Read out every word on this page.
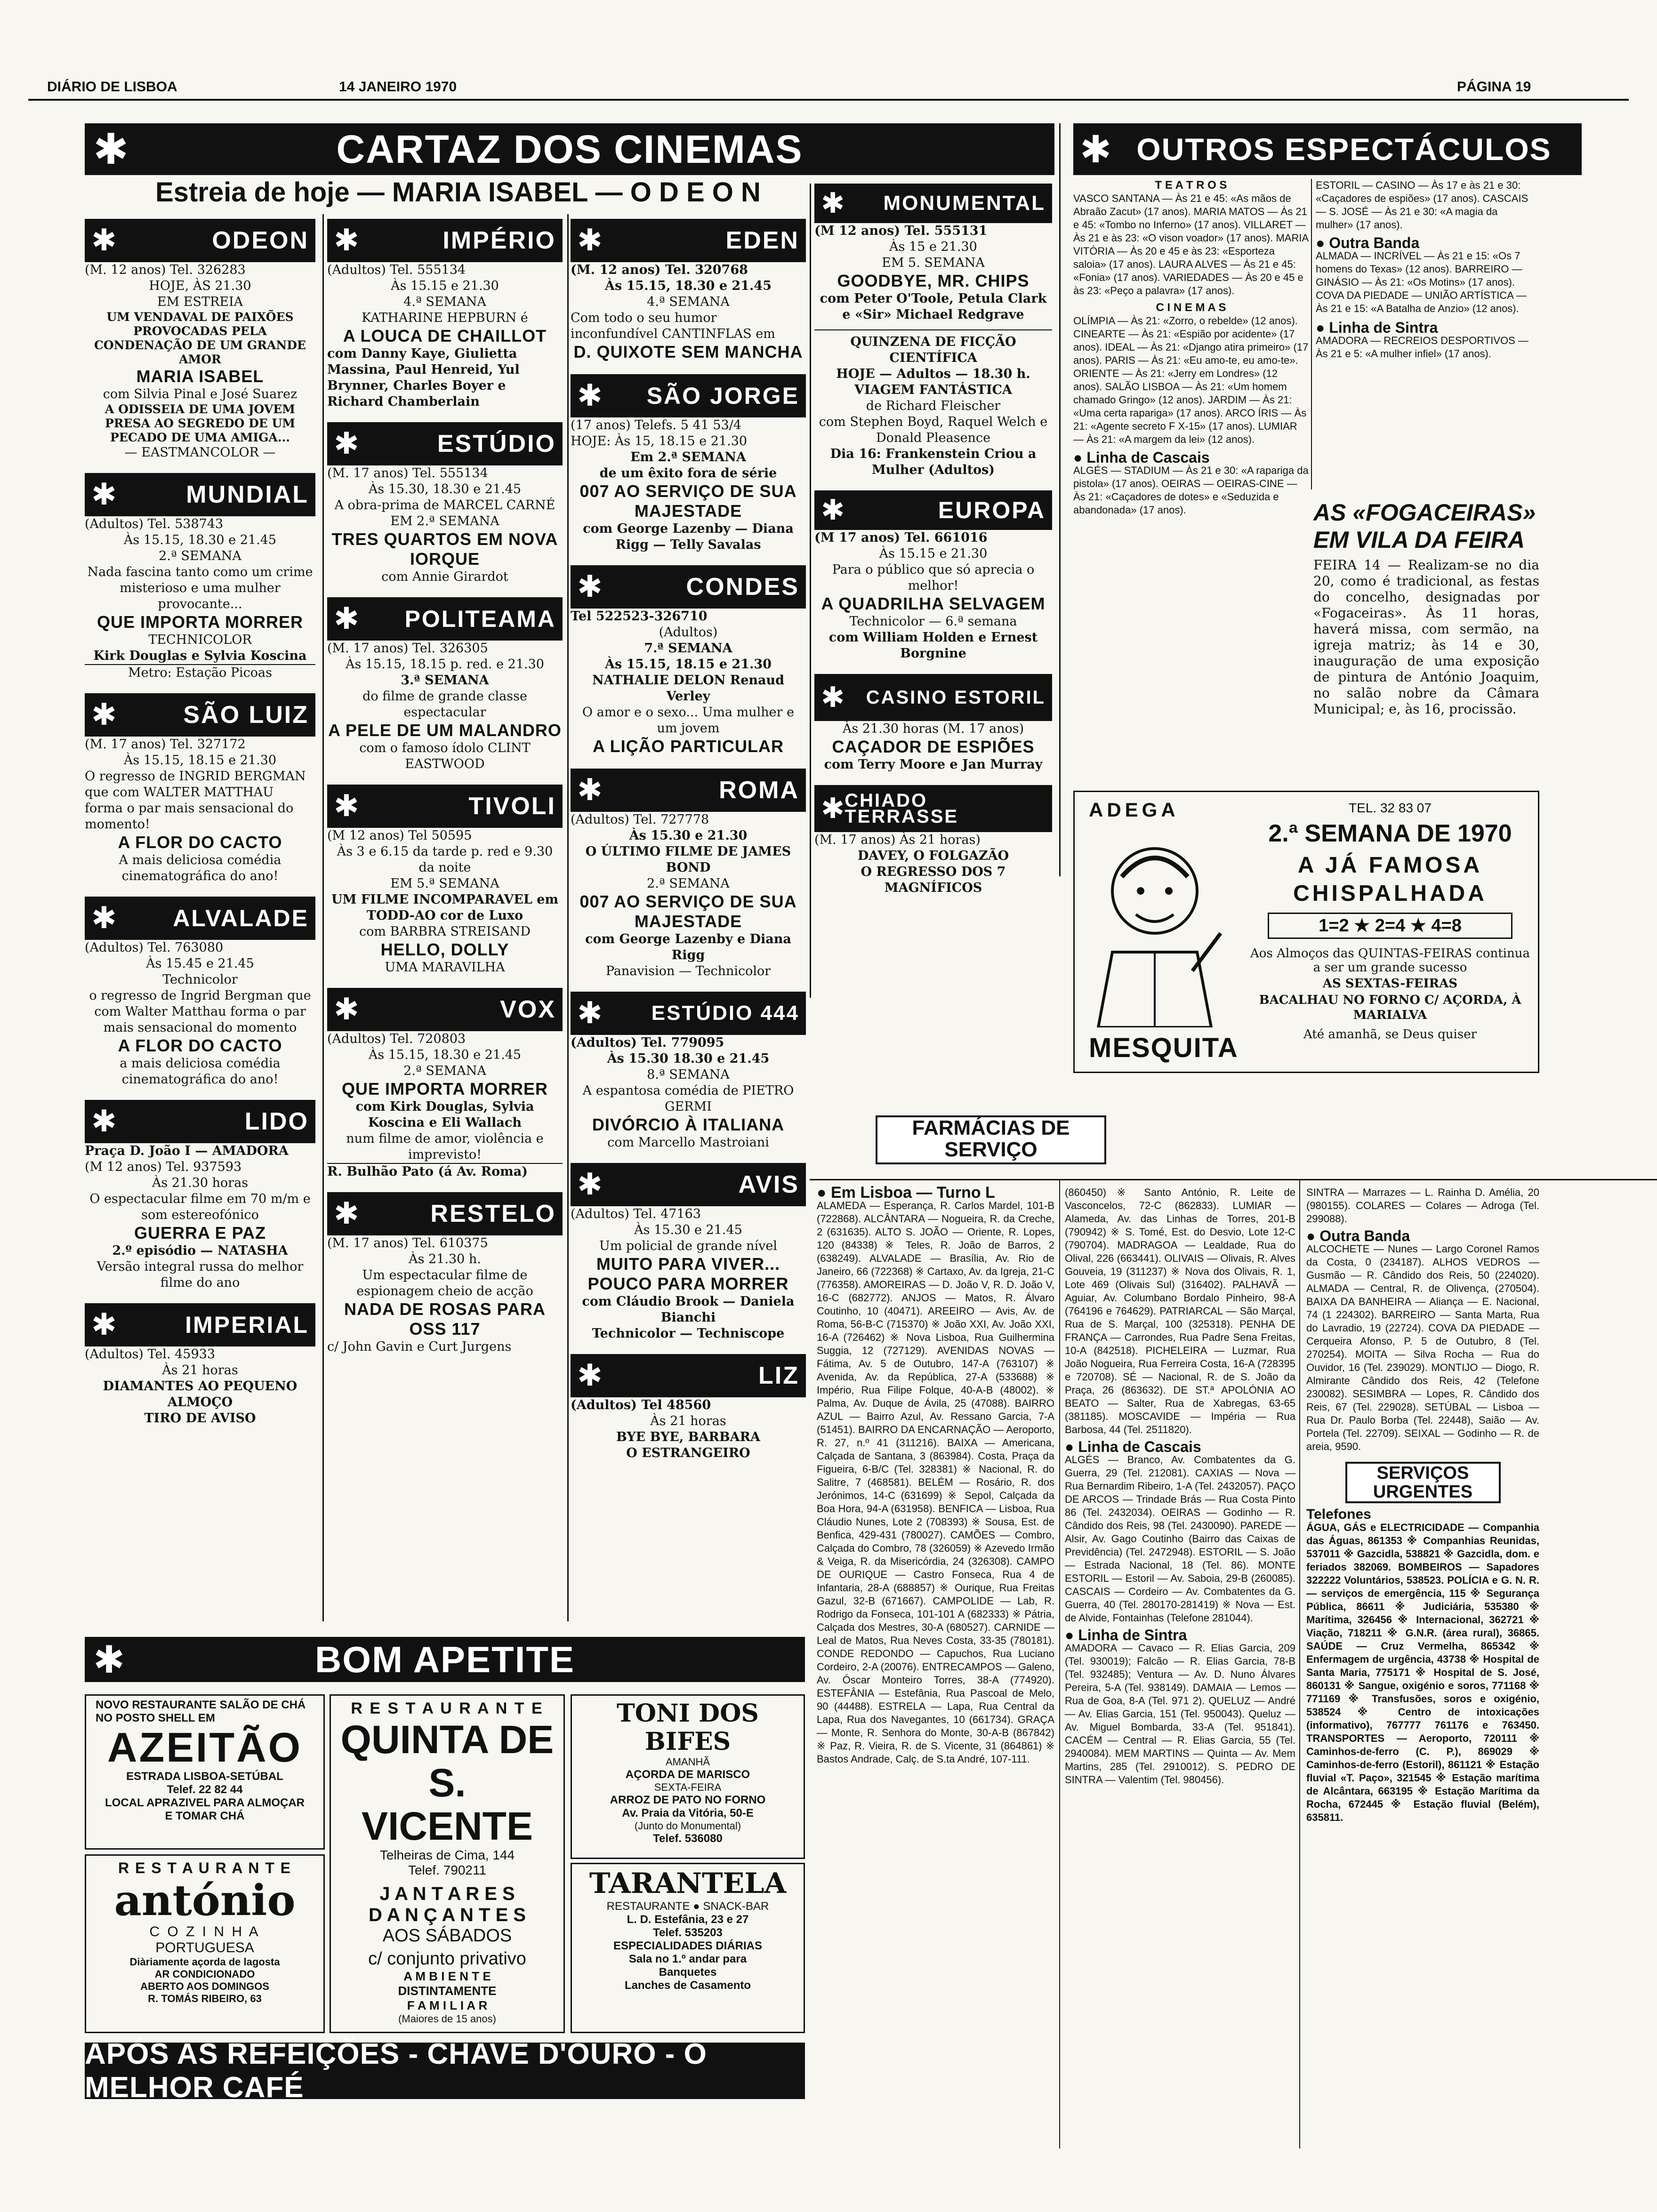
DIÁRIO DE LISBOA	14 JANEIRO 1970	PÁGINA 19
✱	CARTAZ DOS CINEMAS	✱ OUTROS ESPECTÁCULOS
Estreia de hoje — MARIA ISABEL — O D E O N
✱	ODEON
(M. 12 anos) Tel. 326283
HOJE, ÀS 21.30
EM ESTREIA
UM VENDAVAL DE PAIXÕES PROVOCADAS PELA CONDENAÇÃO DE UM GRANDE AMOR
MARIA ISABEL
com Silvia Pinal e José Suarez
A ODISSEIA DE UMA JOVEM PRESA AO SEGREDO DE UM PECADO DE UMA AMIGA...
— EASTMANCOLOR —
✱	MUNDIAL
(Adultos) Tel. 538743
Às 15.15, 18.30 e 21.45
2.ª SEMANA
Nada fascina tanto como um crime misterioso e uma mulher provocante...
QUE IMPORTA MORRER
TECHNICOLOR
Kirk Douglas e Sylvia Koscina
Metro: Estação Picoas
✱	SÃO LUIZ
(M. 17 anos) Tel. 327172
Às 15.15, 18.15 e 21.30
O regresso de INGRID BERGMAN que com WALTER MATTHAU forma o par mais sensacional do momento!
A FLOR DO CACTO
A mais deliciosa comédia cinematográfica do ano!
✱ ALVALADE
(Adultos) Tel. 763080
Às 15.45 e 21.45
Technicolor
o regresso de Ingrid Bergman que com Walter Matthau forma o par mais sensacional do momento
A FLOR DO CACTO
a mais deliciosa comédia cinematográfica do ano!
✱	LIDO
Praça D. João I — AMADORA
(M 12 anos) Tel. 937593
Às 21.30 horas
O espectacular filme em 70 m/m e som estereofónico
GUERRA E PAZ
2.º episódio — NATASHA
Versão integral russa do melhor filme do ano
✱	IMPERIAL
(Adultos) Tel. 45933
Às 21 horas
DIAMANTES AO PEQUENO ALMOÇO
TIRO DE AVISO
✱	IMPÉRIO
(Adultos) Tel. 555134
Às 15.15 e 21.30
4.ª SEMANA
KATHARINE HEPBURN é
A LOUCA DE CHAILLOT
com Danny Kaye, Giulietta Massina, Paul Henreid, Yul Brynner, Charles Boyer e Richard Chamberlain
✱	ESTÚDIO
(M. 17 anos) Tel. 555134
Às 15.30, 18.30 e 21.45
A obra-prima de MARCEL CARNÉ
EM 2.ª SEMANA
TRES QUARTOS EM NOVA IORQUE
com Annie Girardot
✱ POLITEAMA
(M. 17 anos) Tel. 326305
Às 15.15, 18.15 p. red. e 21.30
3.ª SEMANA
do filme de grande classe espectacular
A PELE DE UM MALANDRO
com o famoso ídolo CLINT EASTWOOD
✱	TIVOLI
(M 12 anos) Tel 50595
Às 3 e 6.15 da tarde p. red e 9.30 da noite
EM 5.ª SEMANA
UM FILME INCOMPARAVEL em TODD-AO cor de Luxo
com BARBRA STREISAND
HELLO, DOLLY
UMA MARAVILHA
✱	VOX
(Adultos) Tel. 720803
Às 15.15, 18.30 e 21.45
2.ª SEMANA
QUE IMPORTA MORRER
com Kirk Douglas, Sylvia Koscina e Eli Wallach
num filme de amor, violência e imprevisto!
R. Bulhão Pato (á Av. Roma)
✱	RESTELO
(M. 17 anos) Tel. 610375
Às 21.30 h.
Um espectacular filme de espionagem cheio de acção
NADA DE ROSAS PARA OSS 117
c/ John Gavin e Curt Jurgens
✱	EDEN
(M. 12 anos) Tel. 320768
Às 15.15, 18.30 e 21.45
4.ª SEMANA
Com todo o seu humor inconfundível CANTINFLAS em
D. QUIXOTE SEM MANCHA
✱ SÃO JORGE
(17 anos) Telefs. 5 41 53/4
HOJE: Às 15, 18.15 e 21.30
Em 2.ª SEMANA
de um êxito fora de série
007 AO SERVIÇO DE SUA MAJESTADE
com George Lazenby — Diana Rigg — Telly Savalas
✱	CONDES
Tel 522523-326710
(Adultos)
7.ª SEMANA
Às 15.15, 18.15 e 21.30
NATHALIE DELON Renaud Verley
O amor e o sexo... Uma mulher e um jovem
A LIÇÃO PARTICULAR
✱	ROMA
(Adultos) Tel. 727778
Às 15.30 e 21.30
O ÚLTIMO FILME DE JAMES BOND
2.ª SEMANA
007 AO SERVIÇO DE SUA MAJESTADE
com George Lazenby e Diana Rigg
Panavision — Technicolor
✱ ESTÚDIO 444
(Adultos) Tel. 779095
Às 15.30 18.30 e 21.45
8.ª SEMANA
A espantosa comédia de PIETRO GERMI
DIVÓRCIO À ITALIANA
com Marcello Mastroiani
✱	AVIS
(Adultos) Tel. 47163
Às 15.30 e 21.45
Um policial de grande nível
MUITO PARA VIVER... POUCO PARA MORRER
com Cláudio Brook — Daniela Bianchi
Technicolor — Techniscope
✱	LIZ
(Adultos) Tel 48560
Às 21 horas
BYE BYE, BARBARA
O ESTRANGEIRO
✱ MONUMENTAL
(M 12 anos) Tel. 555131
Às 15 e 21.30
EM 5. SEMANA
GOODBYE, MR. CHIPS
com Peter O'Toole, Petula Clark e «Sir» Michael Redgrave
QUINZENA DE FICÇÃO CIENTÍFICA
HOJE — Adultos — 18.30 h.
VIAGEM FANTÁSTICA
de Richard Fleischer
com Stephen Boyd, Raquel Welch e Donald Pleasence
Dia 16: Frankenstein Criou a Mulher (Adultos)
✱	EUROPA
(M 17 anos) Tel. 661016
Às 15.15 e 21.30
Para o público que só aprecia o melhor!
A QUADRILHA SELVAGEM
Technicolor — 6.ª semana
com William Holden e Ernest Borgnine
✱ CASINO ESTORIL
Às 21.30 horas (M. 17 anos)
CAÇADOR DE ESPIÕES
com Terry Moore e Jan Murray
✱ CHIADO TERRASSE
(M. 17 anos) Às 21 horas)
DAVEY, O FOLGAZÃO
O REGRESSO DOS 7 MAGNÍFICOS
T E A T R O S
VASCO SANTANA — Às 21 e 45: «As mãos de Abraão Zacut» (17 anos). MARIA MATOS — Às 21 e 45: «Tombo no Inferno» (17 anos). VILLARET — Às 21 e às 23: «O vison voador» (17 anos). MARIA VITÓRIA — Às 20 e 45 e às 23: «Esporteza saloia» (17 anos). LAURA ALVES — Às 21 e 45: «Fonia» (17 anos). VARIEDADES — Às 20 e 45 e às 23: «Peço a palavra» (17 anos).
C I N E M A S
OLÍMPIA — Às 21: «Zorro, o rebelde» (12 anos). CINEARTE — Às 21: «Espião por acidente» (17 anos). IDEAL — Às 21: «Django atira primeiro» (17 anos). PARIS — Às 21: «Eu amo-te, eu amo-te». ORIENTE — Às 21: «Jerry em Londres» (12 anos). SALÃO LISBOA — Às 21: «Um homem chamado Gringo» (12 anos). JARDIM — Às 21: «Uma certa rapariga» (17 anos). ARCO ÍRIS — Às 21: «Agente secreto F X-15» (17 anos). LUMIAR — Às 21: «A margem da lei» (12 anos).
● Linha de Cascais
ALGÉS — STADIUM — Às 21 e 30: «A rapariga da pistola» (17 anos). OEIRAS — OEIRAS-CINE — Às 21: «Caçadores de dotes» e «Seduzida e abandonada» (17 anos).
ESTORIL — CASINO — Às 17 e às 21 e 30: «Caçadores de espiões» (17 anos). CASCAIS — S. JOSÉ — Às 21 e 30: «A magia da mulher» (17 anos).
● Outra Banda
ALMADA — INCRÍVEL — Às 21 e 15: «Os 7 homens do Texas» (12 anos). BARREIRO — GINÁSIO — Às 21: «Os Motins» (17 anos). COVA DA PIEDADE — UNIÃO ARTÍSTICA — Às 21 e 15: «A Batalha de Anzio» (12 anos).
● Linha de Sintra
AMADORA — RECREIOS DESPORTIVOS — Às 21 e 5: «A mulher infiel» (17 anos).
AS «FOGACEIRAS» EM VILA DA FEIRA
FEIRA 14 — Realizam-se no dia 20, como é tradicional, as festas do concelho, designadas por «Fogaceiras». Às 11 horas, haverá missa, com sermão, na igreja matriz; às 14 e 30, inauguração de uma exposição de pintura de António Joaquim, no salão nobre da Câmara Municipal; e, às 16, procissão.
ADEGA
MESQUITA
TEL. 32 83 07
2.ª SEMANA DE 1970
A JÁ FAMOSA
CHISPALHADA
1=2 ★ 2=4 ★ 4=8
Aos Almoços das QUINTAS-FEIRAS continua a ser um grande sucesso
AS SEXTAS-FEIRAS
BACALHAU NO FORNO C/ AÇORDA, À MARIALVA
Até amanhã, se Deus quiser
FARMÁCIAS DE SERVIÇO
● Em Lisboa — Turno L
ALAMEDA — Esperança, R. Carlos Mardel, 101-B (722868). ALCÂNTARA — Nogueira, R. da Creche, 2 (631635). ALTO S. JOÃO — Oriente, R. Lopes, 120 (84338) ※ Teles, R. João de Barros, 2 (638249). ALVALADE — Brasília, Av. Rio de Janeiro, 66 (722368) ※ Cartaxo, Av. da Igreja, 21-C (776358). AMOREIRAS — D. João V, R. D. João V, 16-C (682772). ANJOS — Matos, R. Álvaro Coutinho, 10 (40471). AREEIRO — Avis, Av. de Roma, 56-B-C (715370) ※ João XXI, Av. João XXI, 16-A (726462) ※ Nova Lisboa, Rua Guilhermina Suggia, 12 (727129). AVENIDAS NOVAS — Fátima, Av. 5 de Outubro, 147-A (763107) ※ Avenida, Av. da República, 27-A (533688) ※ Império, Rua Filipe Folque, 40-A-B (48002). ※ Palma, Av. Duque de Ávila, 25 (47088). BAIRRO AZUL — Bairro Azul, Av. Ressano Garcia, 7-A (51451). BAIRRO DA ENCARNAÇÃO — Aeroporto, R. 27, n.º 41 (311216). BAIXA — Americana, Calçada de Santana, 3 (863984). Costa, Praça da Figueira, 6-B/C (Tel. 328381) ※ Nacional, R. do Salitre, 7 (468581). BELÉM — Rosário, R. dos Jerónimos, 14-C (631699) ※ Sepol, Calçada da Boa Hora, 94-A (631958). BENFICA — Lisboa, Rua Cláudio Nunes, Lote 2 (708393) ※ Sousa, Est. de Benfica, 429-431 (780027). CAMÕES — Combro, Calçada do Combro, 78 (326059) ※ Azevedo Irmão & Veiga, R. da Misericórdia, 24 (326308). CAMPO DE OURIQUE — Castro Fonseca, Rua 4 de Infantaria, 28-A (688857) ※ Ourique, Rua Freitas Gazul, 32-B (671667). CAMPOLIDE — Lab, R. Rodrigo da Fonseca, 101-101 A (682333) ※ Pátria, Calçada dos Mestres, 30-A (680527). CARNIDE — Leal de Matos, Rua Neves Costa, 33-35 (780181). CONDE REDONDO — Capuchos, Rua Luciano Cordeiro, 2-A (20076). ENTRECAMPOS — Galeno, Av. Óscar Monteiro Torres, 38-A (774920). ESTEFÂNIA — Estefânia, Rua Pascoal de Melo, 90 (44488). ESTRELA — Lapa, Rua Central da Lapa, Rua dos Navegantes, 10 (661734). GRAÇA — Monte, R. Senhora do Monte, 30-A-B (867842) ※ Paz, R. Vieira, R. de S. Vicente, 31 (864861) ※ Bastos Andrade, Calç. de S.ta André, 107-111.
(860450) ※ Santo António, R. Leite de Vasconcelos, 72-C (862833). LUMIAR — Alameda, Av. das Linhas de Torres, 201-B (790942) ※ S. Tomé, Est. do Desvio, Lote 12-C (790704). MADRAGOA — Lealdade, Rua do Olival, 226 (663441). OLIVAIS — Olivais, R. Alves Gouveia, 19 (311237) ※ Nova dos Olivais, R. 1, Lote 469 (Olivais Sul) (316402). PALHAVÃ — Aguiar, Av. Columbano Bordalo Pinheiro, 98-A (764196 e 764629). PATRIARCAL — São Marçal, Rua de S. Marçal, 100 (325318). PENHA DE FRANÇA — Carrondes, Rua Padre Sena Freitas, 10-A (842518). PICHELEIRA — Luzmar, Rua João Nogueira, Rua Ferreira Costa, 16-A (728395 e 720708). SÉ — Nacional, R. de S. João da Praça, 26 (863632). DE ST.ª APOLÓNIA AO BEATO — Salter, Rua de Xabregas, 63-65 (381185). MOSCAVIDE — Impéria — Rua Barbosa, 44 (Tel. 2511820).
● Linha de Cascais
ALGÉS — Branco, Av. Combatentes da G. Guerra, 29 (Tel. 212081). CAXIAS — Nova — Rua Bernardim Ribeiro, 1-A (Tel. 2432057). PAÇO DE ARCOS — Trindade Brás — Rua Costa Pinto 86 (Tel. 2432034). OEIRAS — Godinho — R. Cândido dos Reis, 98 (Tel. 2430090). PAREDE — Alsir, Av. Gago Coutinho (Bairro das Caixas de Previdência) (Tel. 2472948). ESTORIL — S. João — Estrada Nacional, 18 (Tel. 86). MONTE ESTORIL — Estoril — Av. Saboia, 29-B (260085). CASCAIS — Cordeiro — Av. Combatentes da G. Guerra, 40 (Tel. 280170-281419) ※ Nova — Est. de Alvide, Fontainhas (Telefone 281044).
● Linha de Sintra
AMADORA — Cavaco — R. Elias Garcia, 209 (Tel. 930019); Falcão — R. Elias Garcia, 78-B (Tel. 932485); Ventura — Av. D. Nuno Álvares Pereira, 5-A (Tel. 938149). DAMAIA — Lemos — Rua de Goa, 8-A (Tel. 971 2). QUELUZ — André — Av. Elias Garcia, 151 (Tel. 950043). Queluz — Av. Miguel Bombarda, 33-A (Tel. 951841). CACÉM — Central — R. Elias Garcia, 55 (Tel. 2940084). MEM MARTINS — Quinta — Av. Mem Martins, 285 (Tel. 2910012). S. PEDRO DE SINTRA — Valentim (Tel. 980456).
SINTRA — Marrazes — L. Rainha D. Amélia, 20 (980155). COLARES — Colares — Adroga (Tel. 299088).
● Outra Banda
ALCOCHETE — Nunes — Largo Coronel Ramos da Costa, 0 (234187). ALHOS VEDROS — Gusmão — R. Cândido dos Reis, 50 (224020). ALMADA — Central, R. de Olivença, (270504). BAIXA DA BANHEIRA — Aliança — E. Nacional, 74 (1 224302). BARREIRO — Santa Marta, Rua do Lavradio, 19 (22724). COVA DA PIEDADE — Cerqueira Afonso, P. 5 de Outubro, 8 (Tel. 270254). MOITA — Silva Rocha — Rua do Ouvidor, 16 (Tel. 239029). MONTIJO — Diogo, R. Almirante Cândido dos Reis, 42 (Telefone 230082). SESIMBRA — Lopes, R. Cândido dos Reis, 67 (Tel. 229028). SETÚBAL — Lisboa — Rua Dr. Paulo Borba (Tel. 22448), Saião — Av. Portela (Tel. 22709). SEIXAL — Godinho — R. de areia, 9590.
SERVIÇOS URGENTES
Telefones
ÁGUA, GÁS e ELECTRICIDADE — Companhia das Águas, 861353 ※ Companhias Reunidas, 537011 ※ Gazcidla, 538821 ※ Gazcidla, dom. e feriados 382069. BOMBEIROS — Sapadores 322222 Voluntários, 538523. POLÍCIA e G. N. R. — serviços de emergência, 115 ※ Segurança Pública, 86611 ※ Judiciária, 535380 ※ Marítima, 326456 ※ Internacional, 362721 ※ Viação, 718211 ※ G.N.R. (área rural), 36865. SAÚDE — Cruz Vermelha, 865342 ※ Enfermagem de urgência, 43738 ※ Hospital de Santa Maria, 775171 ※ Hospital de S. José, 860131 ※ Sangue, oxigénio e soros, 771168 ※ 771169 ※ Transfusões, soros e oxigénio, 538524 ※ Centro de intoxicações (informativo), 767777 761176 e 763450. TRANSPORTES — Aeroporto, 720111 ※ Caminhos-de-ferro (C. P.), 869029 ※ Caminhos-de-ferro (Estoril), 861121 ※ Estação fluvial «T. Paço», 321545 ※ Estação marítima de Alcântara, 663195 ※ Estação Marítima da Rocha, 672445 ※ Estação fluvial (Belém), 635811.
✱	BOM APETITE
NOVO RESTAURANTE SALÃO DE CHÁ NO POSTO SHELL EM
AZEITÃO
ESTRADA LISBOA-SETÚBAL
Telef. 22 82 44
LOCAL APRAZIVEL PARA ALMOÇAR E TOMAR CHÁ
R E S T A U R A N T E
antónio
C O Z I N H A
PORTUGUESA
Diàriamente açorda de lagosta
AR CONDICIONADO
ABERTO AOS DOMINGOS
R. TOMÁS RIBEIRO, 63
R E S T A U R A N T E
QUINTA DE S. VICENTE
Telheiras de Cima, 144
Telef. 790211
J A N T A R E S
D A N Ç A N T E S
AOS SÁBADOS
c/ conjunto privativo
A M B I E N T E
DISTINTAMENTE
F A M I L I A R
(Maiores de 15 anos)
TONI DOS BIFES
AMANHÃ
AÇORDA DE MARISCO
SEXTA-FEIRA
ARROZ DE PATO NO FORNO
Av. Praia da Vitória, 50-E
(Junto do Monumental)
Telef. 536080
TARANTELA
RESTAURANTE ● SNACK-BAR
L. D. Estefânia, 23 e 27
Telef. 535203
ESPECIALIDADES DIÁRIAS
Sala no 1.º andar para
Banquetes
Lanches de Casamento
APÓS AS REFEIÇÕES - CHAVE D'OURO - O MELHOR CAFÉ
